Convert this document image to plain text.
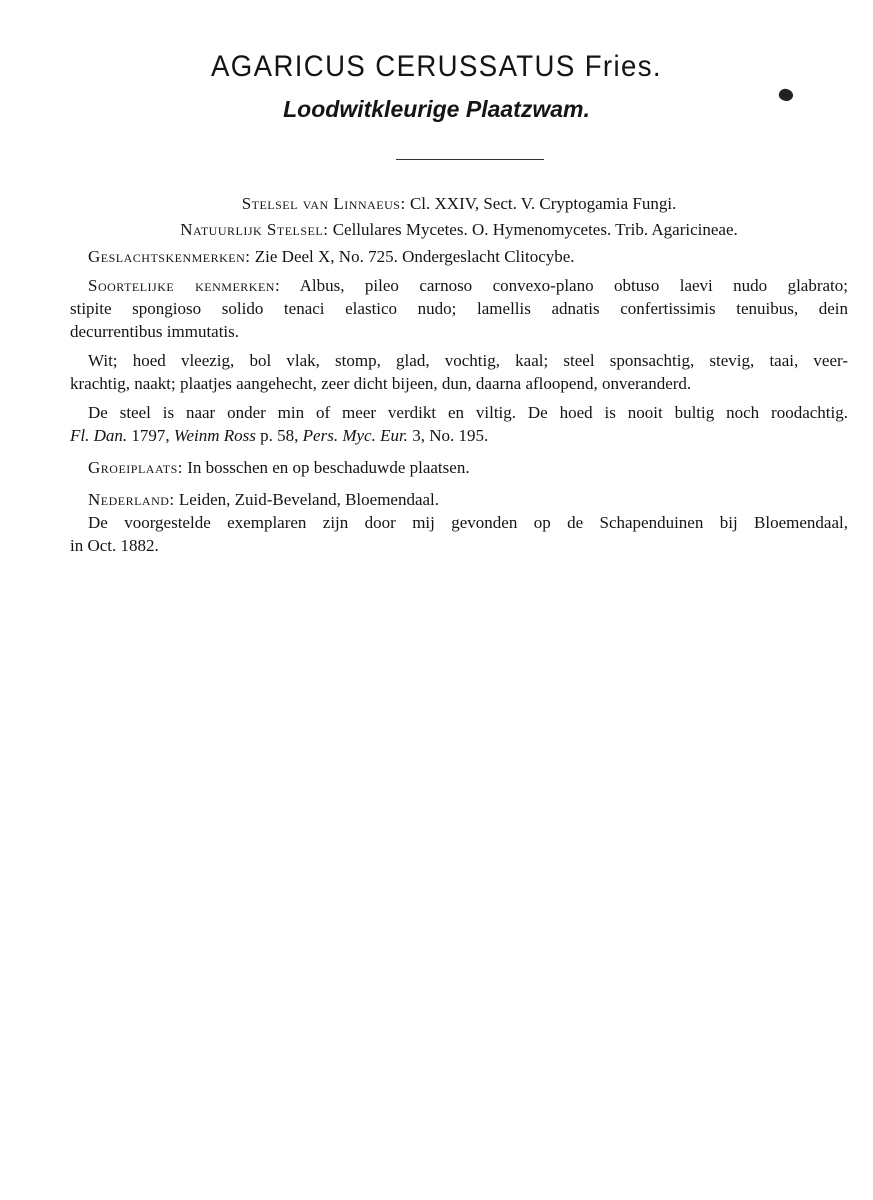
AGARICUS CERUSSATUS Fries.
Loodwitkleurige Plaatzwam.
Stelsel van Linnaeus: Cl. XXIV, Sect. V. Cryptogamia Fungi.
Natuurlijk Stelsel: Cellulares Mycetes. O. Hymenomycetes. Trib. Agaricineae.
Geslachtskenmerken: Zie Deel X, No. 725. Ondergeslacht Clitocybe.
Soortelijke kenmerken: Albus, pileo carnoso convexo-plano obtuso laevi nudo glabrato;
stipite spongioso solido tenaci elastico nudo; lamellis adnatis confertissimis tenuibus, dein
decurrentibus immutatis.
Wit; hoed vleezig, bol vlak, stomp, glad, vochtig, kaal; steel sponsachtig, stevig, taai, veer-
krachtig, naakt; plaatjes aangehecht, zeer dicht bijeen, dun, daarna afloopend, onveranderd.
De steel is naar onder min of meer verdikt en viltig. De hoed is nooit bultig noch roodachtig.
Fl. Dan. 1797, Weinm Ross p. 58, Pers. Myc. Eur. 3, No. 195.
Groeiplaats: In bosschen en op beschaduwde plaatsen.
Nederland: Leiden, Zuid-Beveland, Bloemendaal.
De voorgestelde exemplaren zijn door mij gevonden op de Schapenduinen bij Bloemendaal,
in Oct. 1882.
